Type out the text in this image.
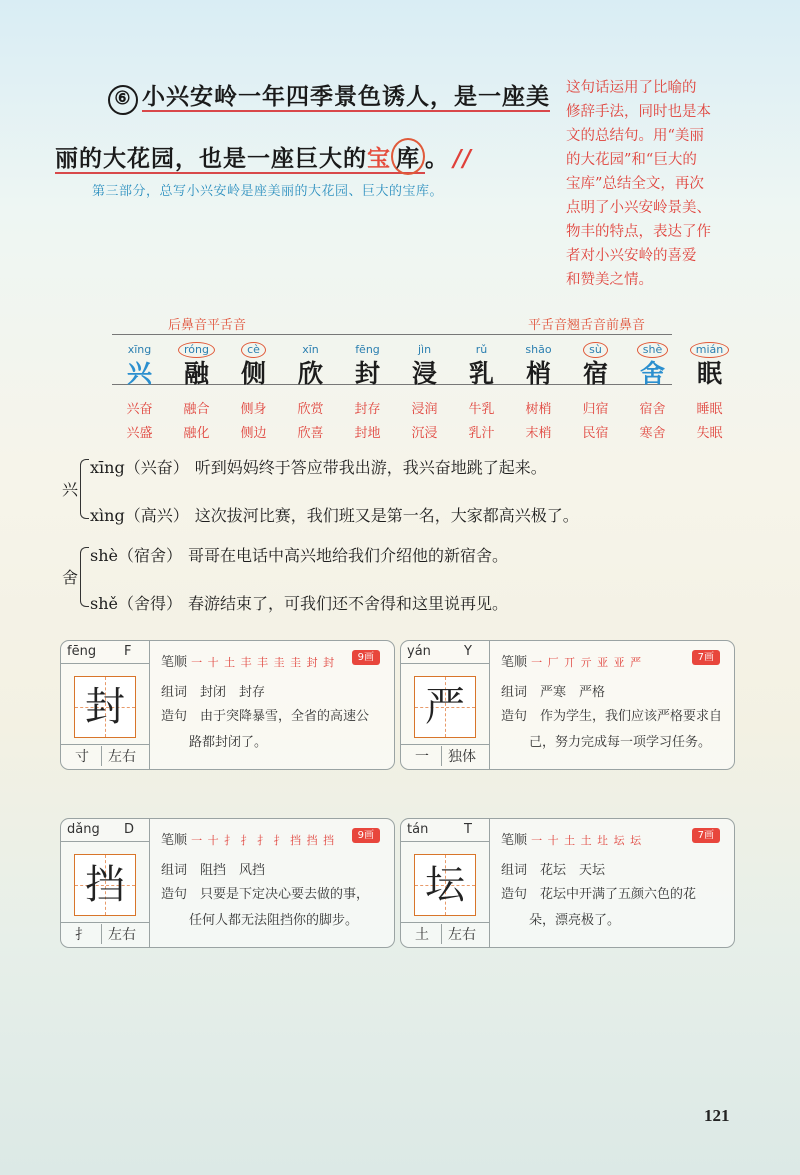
⑥ 小兴安岭一年四季景色诱人，是一座美
丽的大花园，也是一座巨大的宝 库 。 //
第三部分，总写小兴安岭是座美丽的大花园、巨大的宝库。
这句话运用了比喻的
修辞手法，同时也是本
文的总结句。用“美丽
的大花园”和“巨大的
宝库”总结全文，再次
点明了小兴安岭景美、
物丰的特点，表达了作
者对小兴安岭的喜爱
和赞美之情。
后鼻音平舌音	平舌音翘舌音前鼻音
xīng	róng	cè	xīn	fēng	jìn	rǔ	shāo	sù	shè	mián
兴	融	侧	欣	封	浸	乳	梢	宿	舍	眠
兴奋	融合	侧身	欣赏	封存	浸润	牛乳	树梢	归宿	宿舍	睡眠
兴盛	融化	侧边	欣喜	封地	沉浸	乳汁	末梢	民宿	寒舍	失眠
兴
xīng（兴奋） 听到妈妈终于答应带我出游，我兴奋地跳了起来。
xìng（高兴） 这次拔河比赛，我们班又是第一名，大家都高兴极了。
舍
shè（宿舍） 哥哥在电话中高兴地给我们介绍他的新宿舍。
shě（舍得） 春游结束了，可我们还不舍得和这里说再见。
fēng F
封
寸	左右
笔顺 一 十 土 丰 丰 圭 圭 封 封	9画
组词　 封闭　封存
造句　 由于突降暴雪，全省的高速公
路都封闭了。
yán	Y
严
一	独体
笔顺 一 厂 丌 亓 亚 亚 严	7画
组词　 严寒　严格
造句　 作为学生，我们应该严格要求自
己，努力完成每一项学习任务。
dǎng D
挡
扌	左右
笔顺 一 十 扌 扌 扌 扌 挡 挡 挡	9画
组词　 阻挡　风挡
造句　 只要是下定决心要去做的事，
任何人都无法阻挡你的脚步。
tán	T
坛
土	左右
笔顺 一 十 土 土 圵 坛 坛	7画
组词　 花坛　天坛
造句　 花坛中开满了五颜六色的花
朵，漂亮极了。
121
